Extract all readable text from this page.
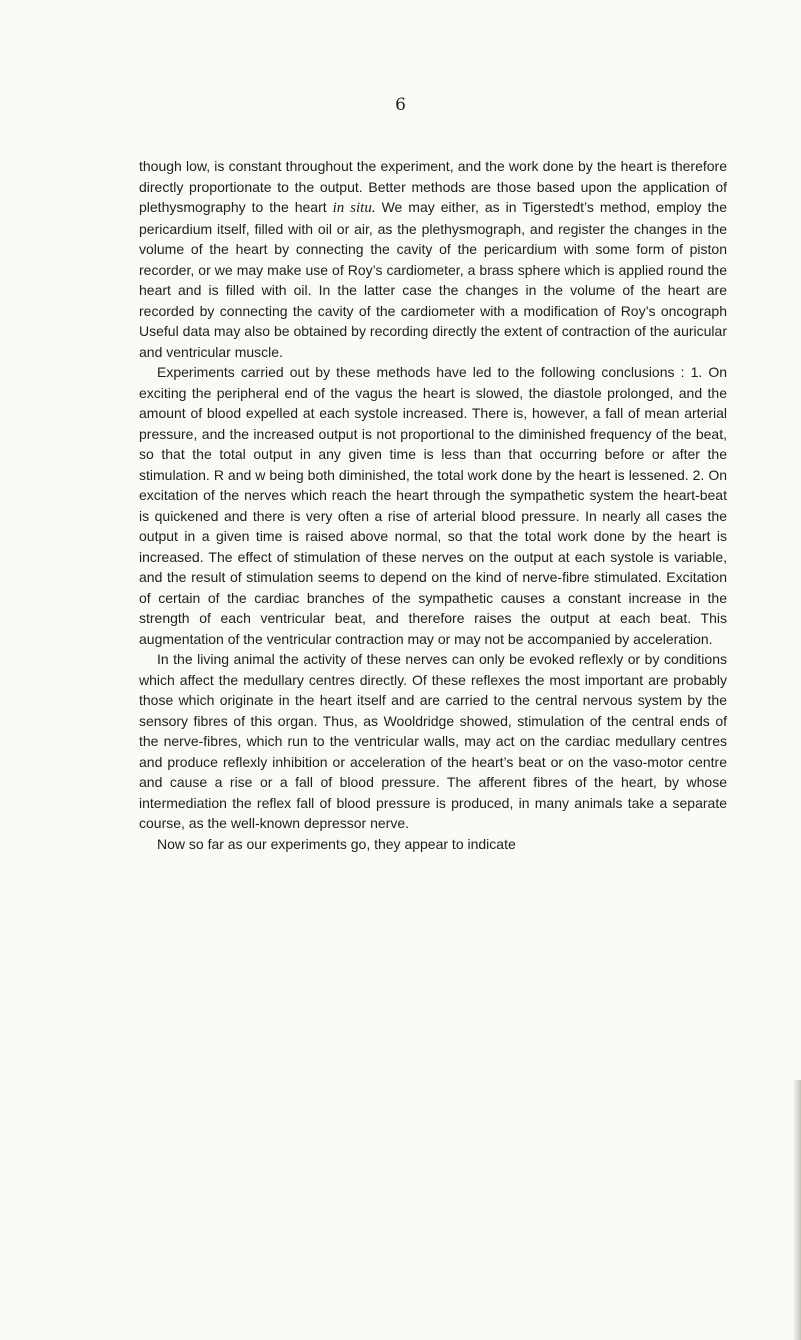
6

though low, is constant throughout the experiment, and the work done by the heart is therefore directly proportionate to the output. Better methods are those based upon the application of plethysmography to the heart in situ. We may either, as in Tigerstedt’s method, employ the pericardium itself, filled with oil or air, as the plethysmograph, and register the changes in the volume of the heart by connecting the cavity of the pericardium with some form of piston recorder, or we may make use of Roy’s cardiometer, a brass sphere which is applied round the heart and is filled with oil. In the latter case the changes in the volume of the heart are recorded by connecting the cavity of the cardiometer with a modification of Roy’s oncograph Useful data may also be obtained by recording directly the extent of contraction of the auricular and ventricular muscle.

Experiments carried out by these methods have led to the following conclusions : 1. On exciting the peripheral end of the vagus the heart is slowed, the diastole prolonged, and the amount of blood expelled at each systole increased. There is, however, a fall of mean arterial pressure, and the increased output is not proportional to the diminished frequency of the beat, so that the total output in any given time is less than that occurring before or after the stimulation. R and w being both diminished, the total work done by the heart is lessened. 2. On excitation of the nerves which reach the heart through the sympathetic system the heart-beat is quickened and there is very often a rise of arterial blood pressure. In nearly all cases the output in a given time is raised above normal, so that the total work done by the heart is increased. The effect of stimulation of these nerves on the output at each systole is variable, and the result of stimulation seems to depend on the kind of nerve-fibre stimulated. Excitation of certain of the cardiac branches of the sympathetic causes a constant increase in the strength of each ventricular beat, and therefore raises the output at each beat. This augmentation of the ventricular contraction may or may not be accompanied by acceleration.

In the living animal the activity of these nerves can only be evoked reflexly or by conditions which affect the medullary centres directly. Of these reflexes the most important are probably those which originate in the heart itself and are carried to the central nervous system by the sensory fibres of this organ. Thus, as Wooldridge showed, stimulation of the central ends of the nerve-fibres, which run to the ventricular walls, may act on the cardiac medullary centres and produce reflexly inhibition or acceleration of the heart’s beat or on the vaso-motor centre and cause a rise or a fall of blood pressure. The afferent fibres of the heart, by whose intermediation the reflex fall of blood pressure is produced, in many animals take a separate course, as the well-known depressor nerve.

Now so far as our experiments go, they appear to indicate
